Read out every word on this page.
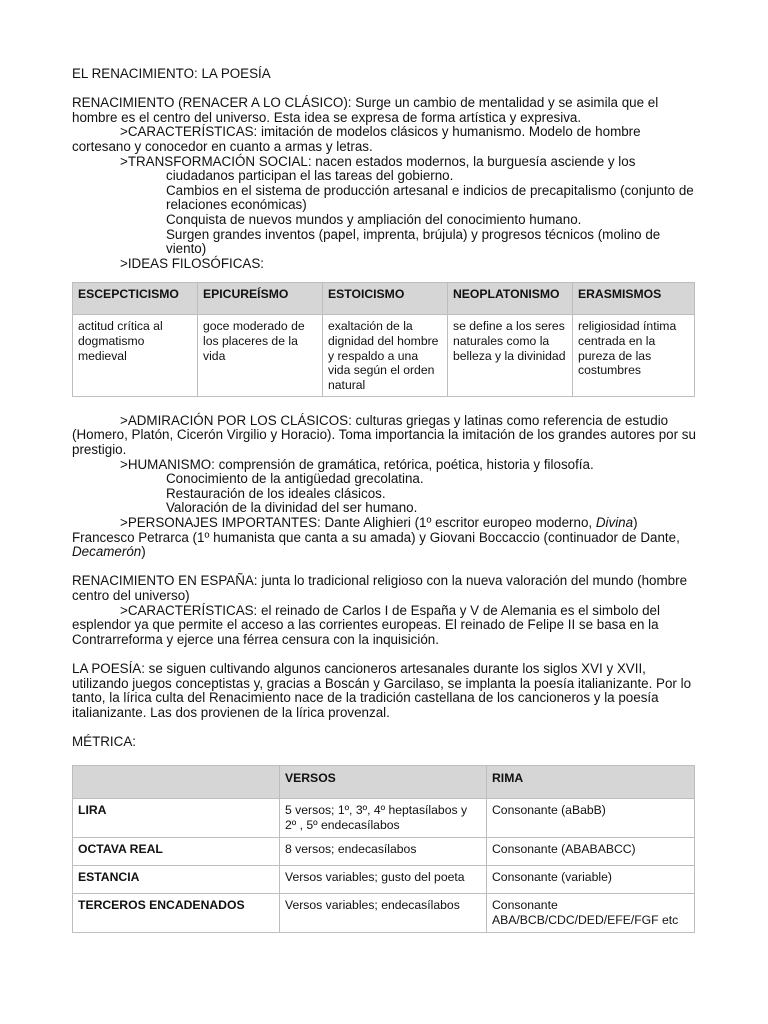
EL RENACIMIENTO: LA POESÍA

RENACIMIENTO (RENACER A LO CLÁSICO): Surge un cambio de mentalidad y se asimila que el hombre es el centro del universo. Esta idea se expresa de forma artística y expresiva.

>CARACTERÍSTICAS: imitación de modelos clásicos y humanismo. Modelo de hombre cortesano y conocedor en cuanto a armas y letras.

>TRANSFORMACIÓN SOCIAL: nacen estados modernos, la burguesía asciende y los

ciudadanos participan el las tareas del gobierno.

Cambios en el sistema de producción artesanal e indicios de precapitalismo (conjunto de relaciones económicas)

Conquista de nuevos mundos y ampliación del conocimiento humano.

Surgen grandes inventos (papel, imprenta, brújula) y progresos técnicos (molino de viento)

>IDEAS FILOSÓFICAS:

ESCEPCTICISMO	EPICUREÍSMO	ESTOICISMO	NEOPLATONISMO	ERASMISMOS
actitud crítica al dogmatismo medieval	goce moderado de los placeres de la vida	exaltación de la dignidad del hombre y respaldo a una vida según el orden natural	se define a los seres naturales como la belleza y la divinidad	religiosidad íntima centrada en la pureza de las costumbres

>ADMIRACIÓN POR LOS CLÁSICOS: culturas griegas y latinas como referencia de estudio (Homero, Platón, Cicerón Virgilio y Horacio). Toma importancia la imitación de los grandes autores por su prestigio.

>HUMANISMO: comprensión de gramática, retórica, poética, historia y filosofía.

Conocimiento de la antigüedad grecolatina.

Restauración de los ideales clásicos.

Valoración de la divinidad del ser humano.

>PERSONAJES IMPORTANTES: Dante Alighieri (1º escritor europeo moderno, Divina) Francesco Petrarca (1º humanista que canta a su amada) y Giovani Boccaccio (continuador de Dante, Decamerón)

RENACIMIENTO EN ESPAÑA: junta lo tradicional religioso con la nueva valoración del mundo (hombre centro del universo)

>CARACTERÍSTICAS: el reinado de Carlos I de España y V de Alemania es el simbolo del esplendor ya que permite el acceso a las corrientes europeas. El reinado de Felipe II se basa en la Contrarreforma y ejerce una férrea censura con la inquisición.

LA POESÍA: se siguen cultivando algunos cancioneros artesanales durante los siglos XVI y XVII, utilizando juegos conceptistas y, gracias a Boscán y Garcilaso, se implanta la poesía italianizante. Por lo tanto, la lírica culta del Renacimiento nace de la tradición castellana de los cancioneros y la poesía italianizante. Las dos provienen de la lírica provenzal.

MÉTRICA:

	VERSOS	RIMA
LIRA	5 versos; 1º, 3º, 4º heptasílabos y 2º , 5º endecasílabos	Consonante (aBabB)
OCTAVA REAL	8 versos; endecasílabos	Consonante (ABABABCC)
ESTANCIA	Versos variables; gusto del poeta	Consonante (variable)
TERCEROS ENCADENADOS	Versos variables; endecasílabos	Consonante ABA/BCB/CDC/DED/EFE/FGF etc
